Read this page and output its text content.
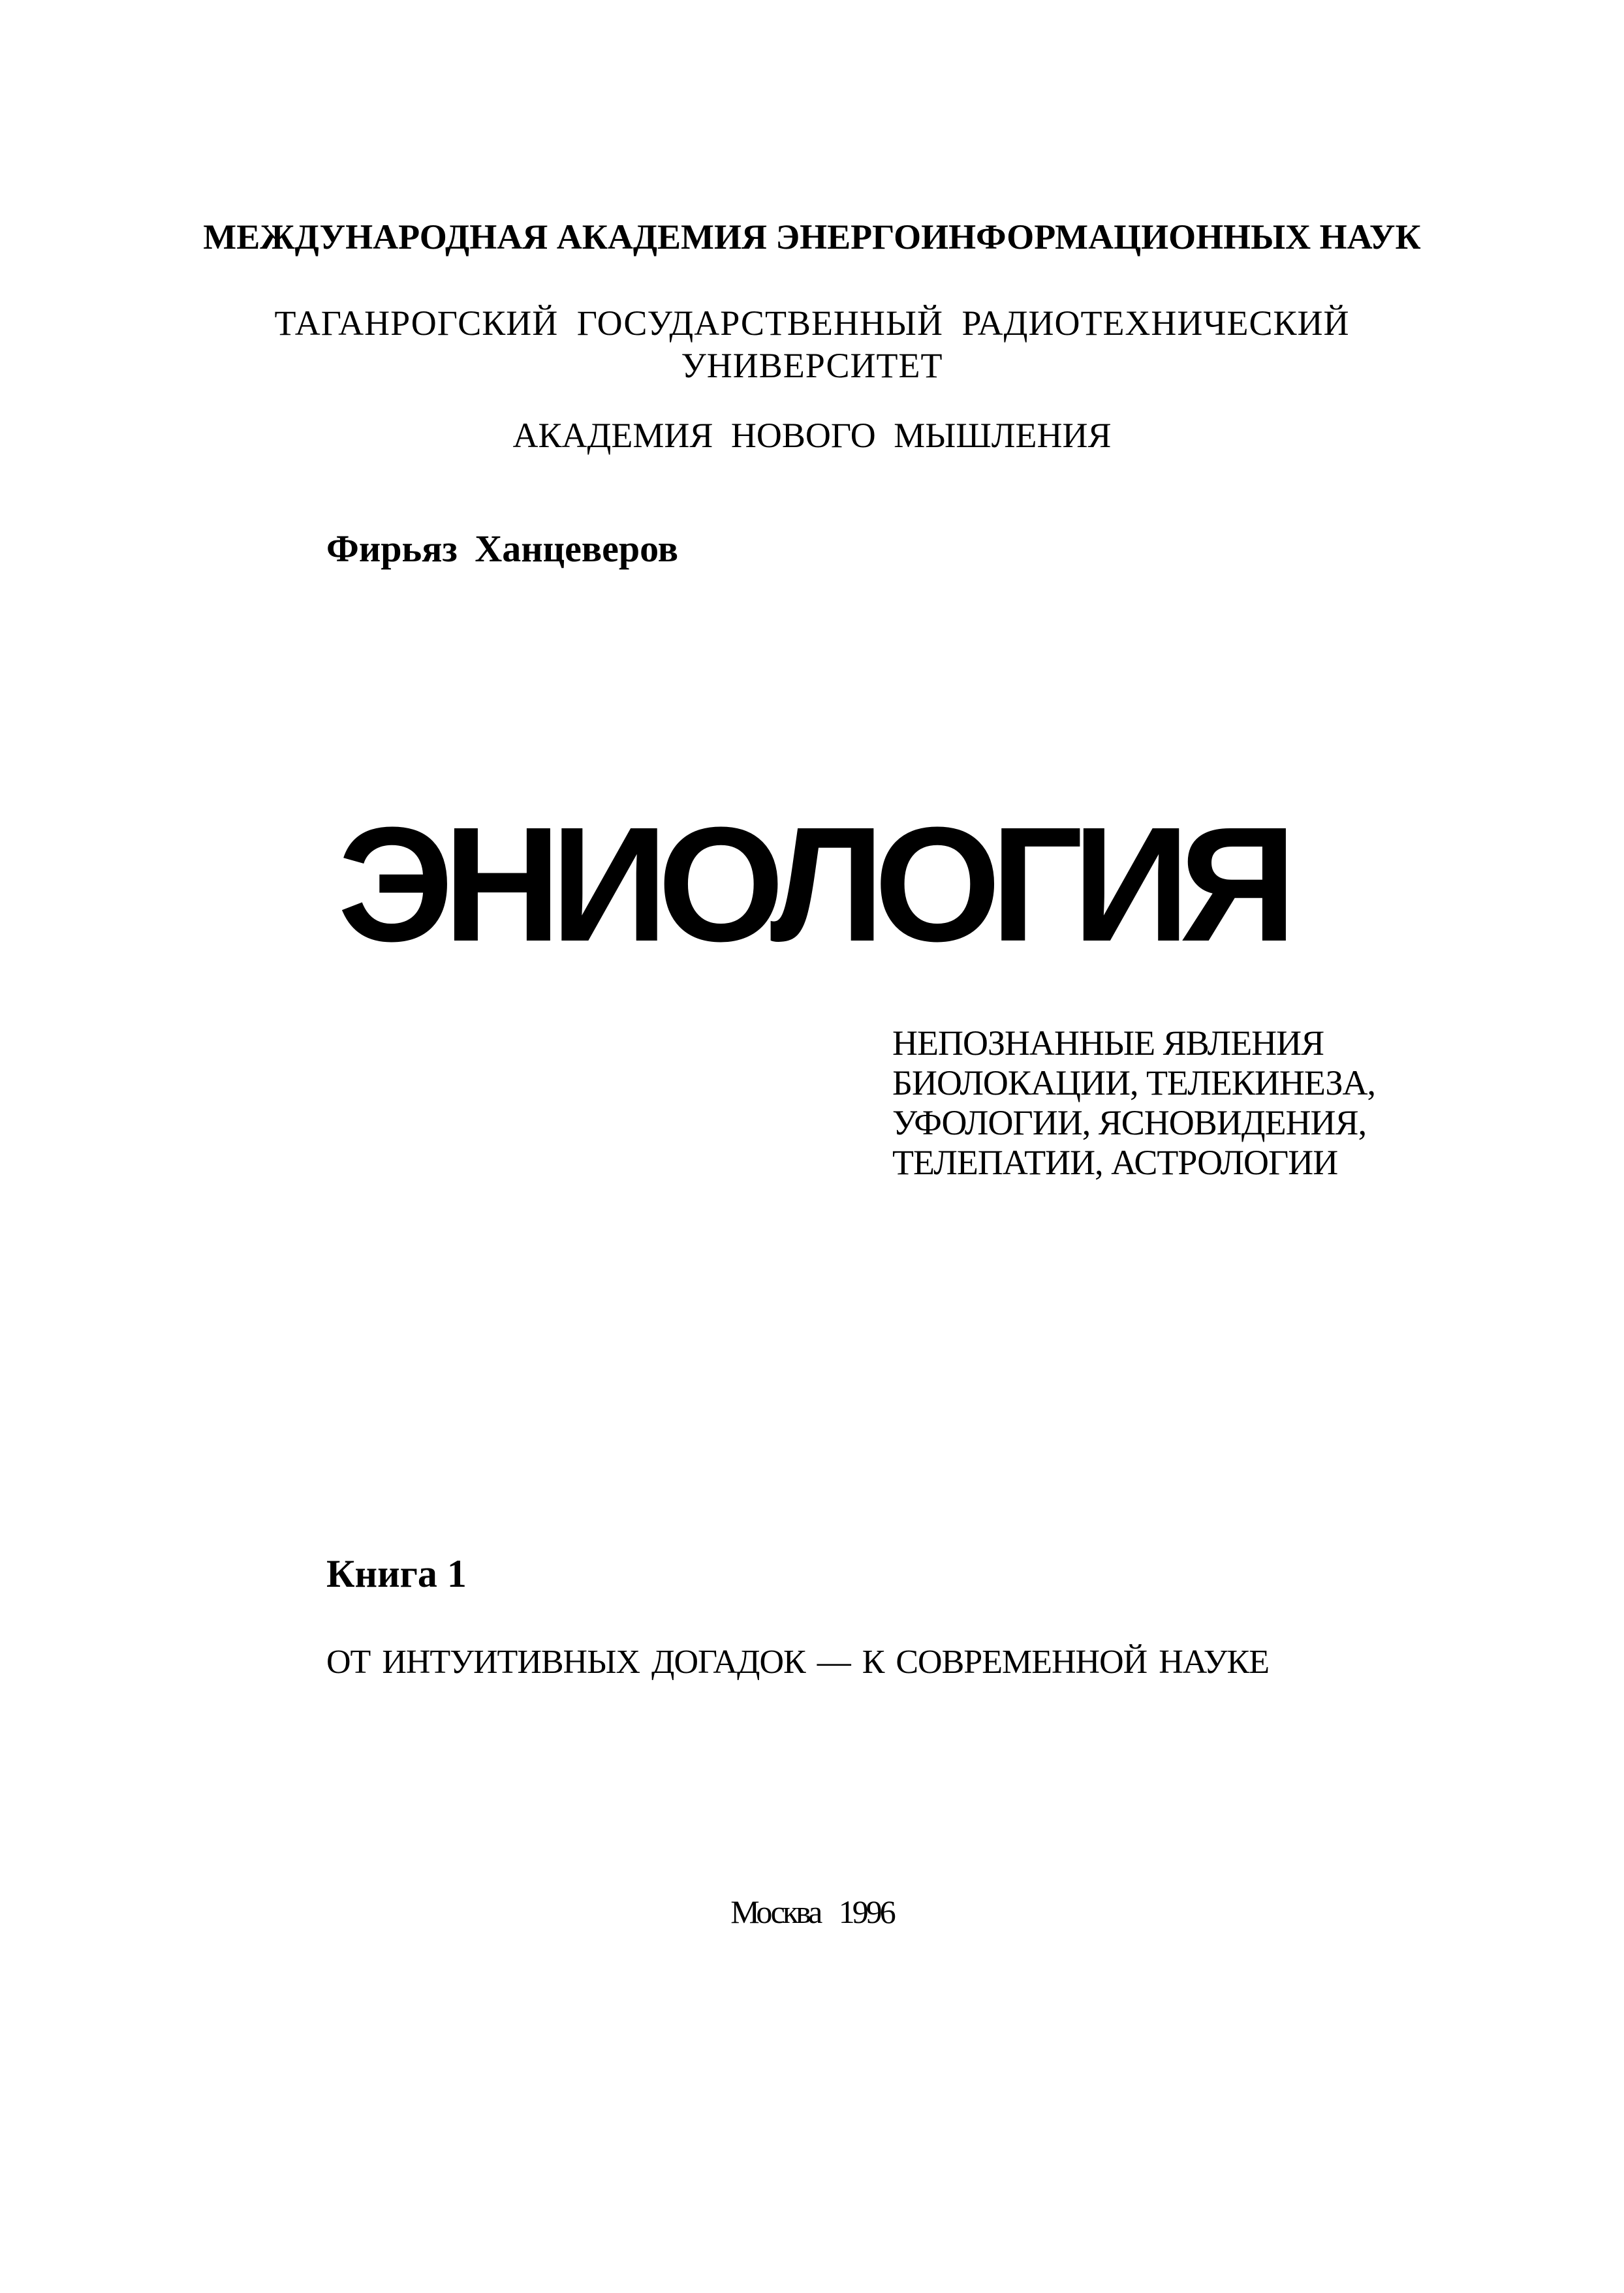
МЕЖДУНАРОДНАЯ АКАДЕМИЯ ЭНЕРГОИНФОРМАЦИОННЫХ НАУК
ТАГАНРОГСКИЙ ГОСУДАРСТВЕННЫЙ РАДИОТЕХНИЧЕСКИЙ
УНИВЕРСИТЕТ
АКАДЕМИЯ НОВОГО МЫШЛЕНИЯ
Фирьяз Ханцеверов
ЭНИОЛОГИЯ
НЕПОЗНАННЫЕ ЯВЛЕНИЯ
БИОЛОКАЦИИ, ТЕЛЕКИНЕЗА,
УФОЛОГИИ, ЯСНОВИДЕНИЯ,
ТЕЛЕПАТИИ, АСТРОЛОГИИ
Книга 1
ОТ ИНТУИТИВНЫХ ДОГАДОК — К СОВРЕМЕННОЙ НАУКЕ
Москва 1996
